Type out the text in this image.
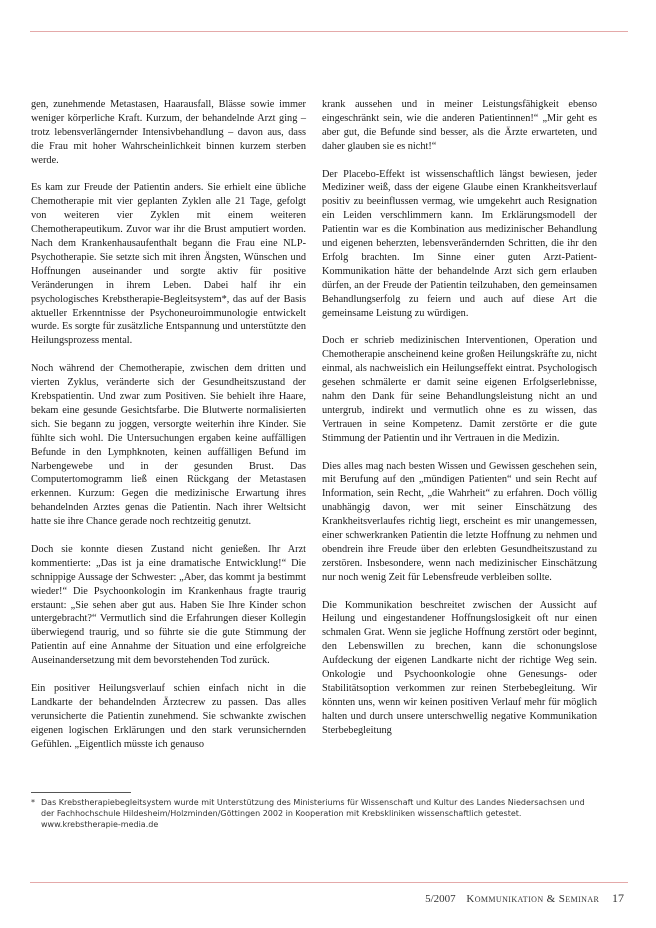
gen, zunehmende Metastasen, Haarausfall, Blässe sowie immer weniger körperliche Kraft. Kurzum, der behandelnde Arzt ging – trotz lebensverlängernder Intensivbehandlung – davon aus, dass die Frau mit hoher Wahrscheinlichkeit binnen kurzem sterben werde.

Es kam zur Freude der Patientin anders. Sie erhielt eine übliche Chemotherapie mit vier geplanten Zyklen alle 21 Tage, gefolgt von weiteren vier Zyklen mit einem weiteren Chemotherapeutikum. Zuvor war ihr die Brust amputiert worden. Nach dem Krankenhausaufenthalt begann die Frau eine NLP-Psychotherapie. Sie setzte sich mit ihren Ängsten, Wünschen und Hoffnungen auseinander und sorgte aktiv für positive Veränderungen in ihrem Leben. Dabei half ihr ein psychologisches Krebstherapie-Begleitsystem*, das auf der Basis aktueller Erkenntnisse der Psychoneuroimmunologie entwickelt wurde. Es sorgte für zusätzliche Entspannung und unterstützte den Heilungsprozess mental.

Noch während der Chemotherapie, zwischen dem dritten und vierten Zyklus, veränderte sich der Gesundheitszustand der Krebspatientin. Und zwar zum Positiven. Sie behielt ihre Haare, bekam eine gesunde Gesichtsfarbe. Die Blutwerte normalisierten sich. Sie begann zu joggen, versorgte weiterhin ihre Kinder. Sie fühlte sich wohl. Die Untersuchungen ergaben keine auffälligen Befunde in den Lymphknoten, keinen auffälligen Befund im Narbengewebe und in der gesunden Brust. Das Computertomogramm ließ einen Rückgang der Metastasen erkennen. Kurzum: Gegen die medizinische Erwartung ihres behandelnden Arztes genas die Patientin. Nach ihrer Weltsicht hatte sie ihre Chance gerade noch rechtzeitig genutzt.

Doch sie konnte diesen Zustand nicht genießen. Ihr Arzt kommentierte: „Das ist ja eine dramatische Entwicklung!“ Die schnippige Aussage der Schwester: „Aber, das kommt ja bestimmt wieder!“ Die Psychoonkologin im Krankenhaus fragte traurig erstaunt: „Sie sehen aber gut aus. Haben Sie Ihre Kinder schon untergebracht?“ Vermutlich sind die Erfahrungen dieser Kollegin überwiegend traurig, und so führte sie die gute Stimmung der Patientin auf eine Annahme der Situation und eine erfolgreiche Auseinandersetzung mit dem bevorstehenden Tod zurück.

Ein positiver Heilungsverlauf schien einfach nicht in die Landkarte der behandelnden Ärztecrew zu passen. Das alles verunsicherte die Patientin zunehmend. Sie schwankte zwischen eigenen logischen Erklärungen und den stark verunsichernden Gefühlen. „Eigentlich müsste ich genauso

krank aussehen und in meiner Leistungsfähigkeit ebenso eingeschränkt sein, wie die anderen Patientinnen!“ „Mir geht es aber gut, die Befunde sind besser, als die Ärzte erwarteten, und daher glauben sie es nicht!“

Der Placebo-Effekt ist wissenschaftlich längst bewiesen, jeder Mediziner weiß, dass der eigene Glaube einen Krankheitsverlauf positiv zu beeinflussen vermag, wie umgekehrt auch Resignation ein Leiden verschlimmern kann. Im Erklärungsmodell der Patientin war es die Kombination aus medizinischer Behandlung und eigenen beherzten, lebensverändernden Schritten, die ihr den Erfolg brachten. Im Sinne einer guten Arzt-Patient-Kommunikation hätte der behandelnde Arzt sich gern erlauben dürfen, an der Freude der Patientin teilzuhaben, den gemeinsamen Behandlungserfolg zu feiern und auch auf diese Art die gemeinsame Leistung zu würdigen.

Doch er schrieb medizinischen Interventionen, Operation und Chemotherapie anscheinend keine großen Heilungskräfte zu, nicht einmal, als nachweislich ein Heilungseffekt eintrat. Psychologisch gesehen schmälerte er damit seine eigenen Erfolgserlebnisse, nahm den Dank für seine Behandlungsleistung nicht an und untergrub, indirekt und vermutlich ohne es zu wissen, das Vertrauen in seine Kompetenz. Damit zerstörte er die gute Stimmung der Patientin und ihr Vertrauen in die Medizin.

Dies alles mag nach besten Wissen und Gewissen geschehen sein, mit Berufung auf den „mündigen Patienten“ und sein Recht auf Information, sein Recht, „die Wahrheit“ zu erfahren. Doch völlig unabhängig davon, wer mit seiner Einschätzung des Krankheitsverlaufes richtig liegt, erscheint es mir unangemessen, einer schwerkranken Patientin die letzte Hoffnung zu nehmen und obendrein ihre Freude über den erlebten Gesundheitszustand zu zerstören. Insbesondere, wenn nach medizinischer Einschätzung nur noch wenig Zeit für Lebensfreude verbleiben sollte.

Die Kommunikation beschreitet zwischen der Aussicht auf Heilung und eingestandener Hoffnungslosigkeit oft nur einen schmalen Grat. Wenn sie jegliche Hoffnung zerstört oder beginnt, den Lebenswillen zu brechen, kann die schonungslose Aufdeckung der eigenen Landkarte nicht der richtige Weg sein. Onkologie und Psychoonkologie ohne Genesungs- oder Stabilitätsoption verkommen zur reinen Sterbebegleitung. Wir könnten uns, wenn wir keinen positiven Verlauf mehr für möglich halten und durch unsere unterschwellig negative Kommunikation Sterbebegleitung

* Das Krebstherapiebegleitsystem wurde mit Unterstützung des Ministeriums für Wissenschaft und Kultur des Landes Niedersachsen und der Fachhochschule Hildesheim/Holzminden/Göttingen 2002 in Kooperation mit Krebskliniken wissenschaftlich getestet. www.krebstherapie-media.de
5/2007 Kommunikation & Seminar 17
